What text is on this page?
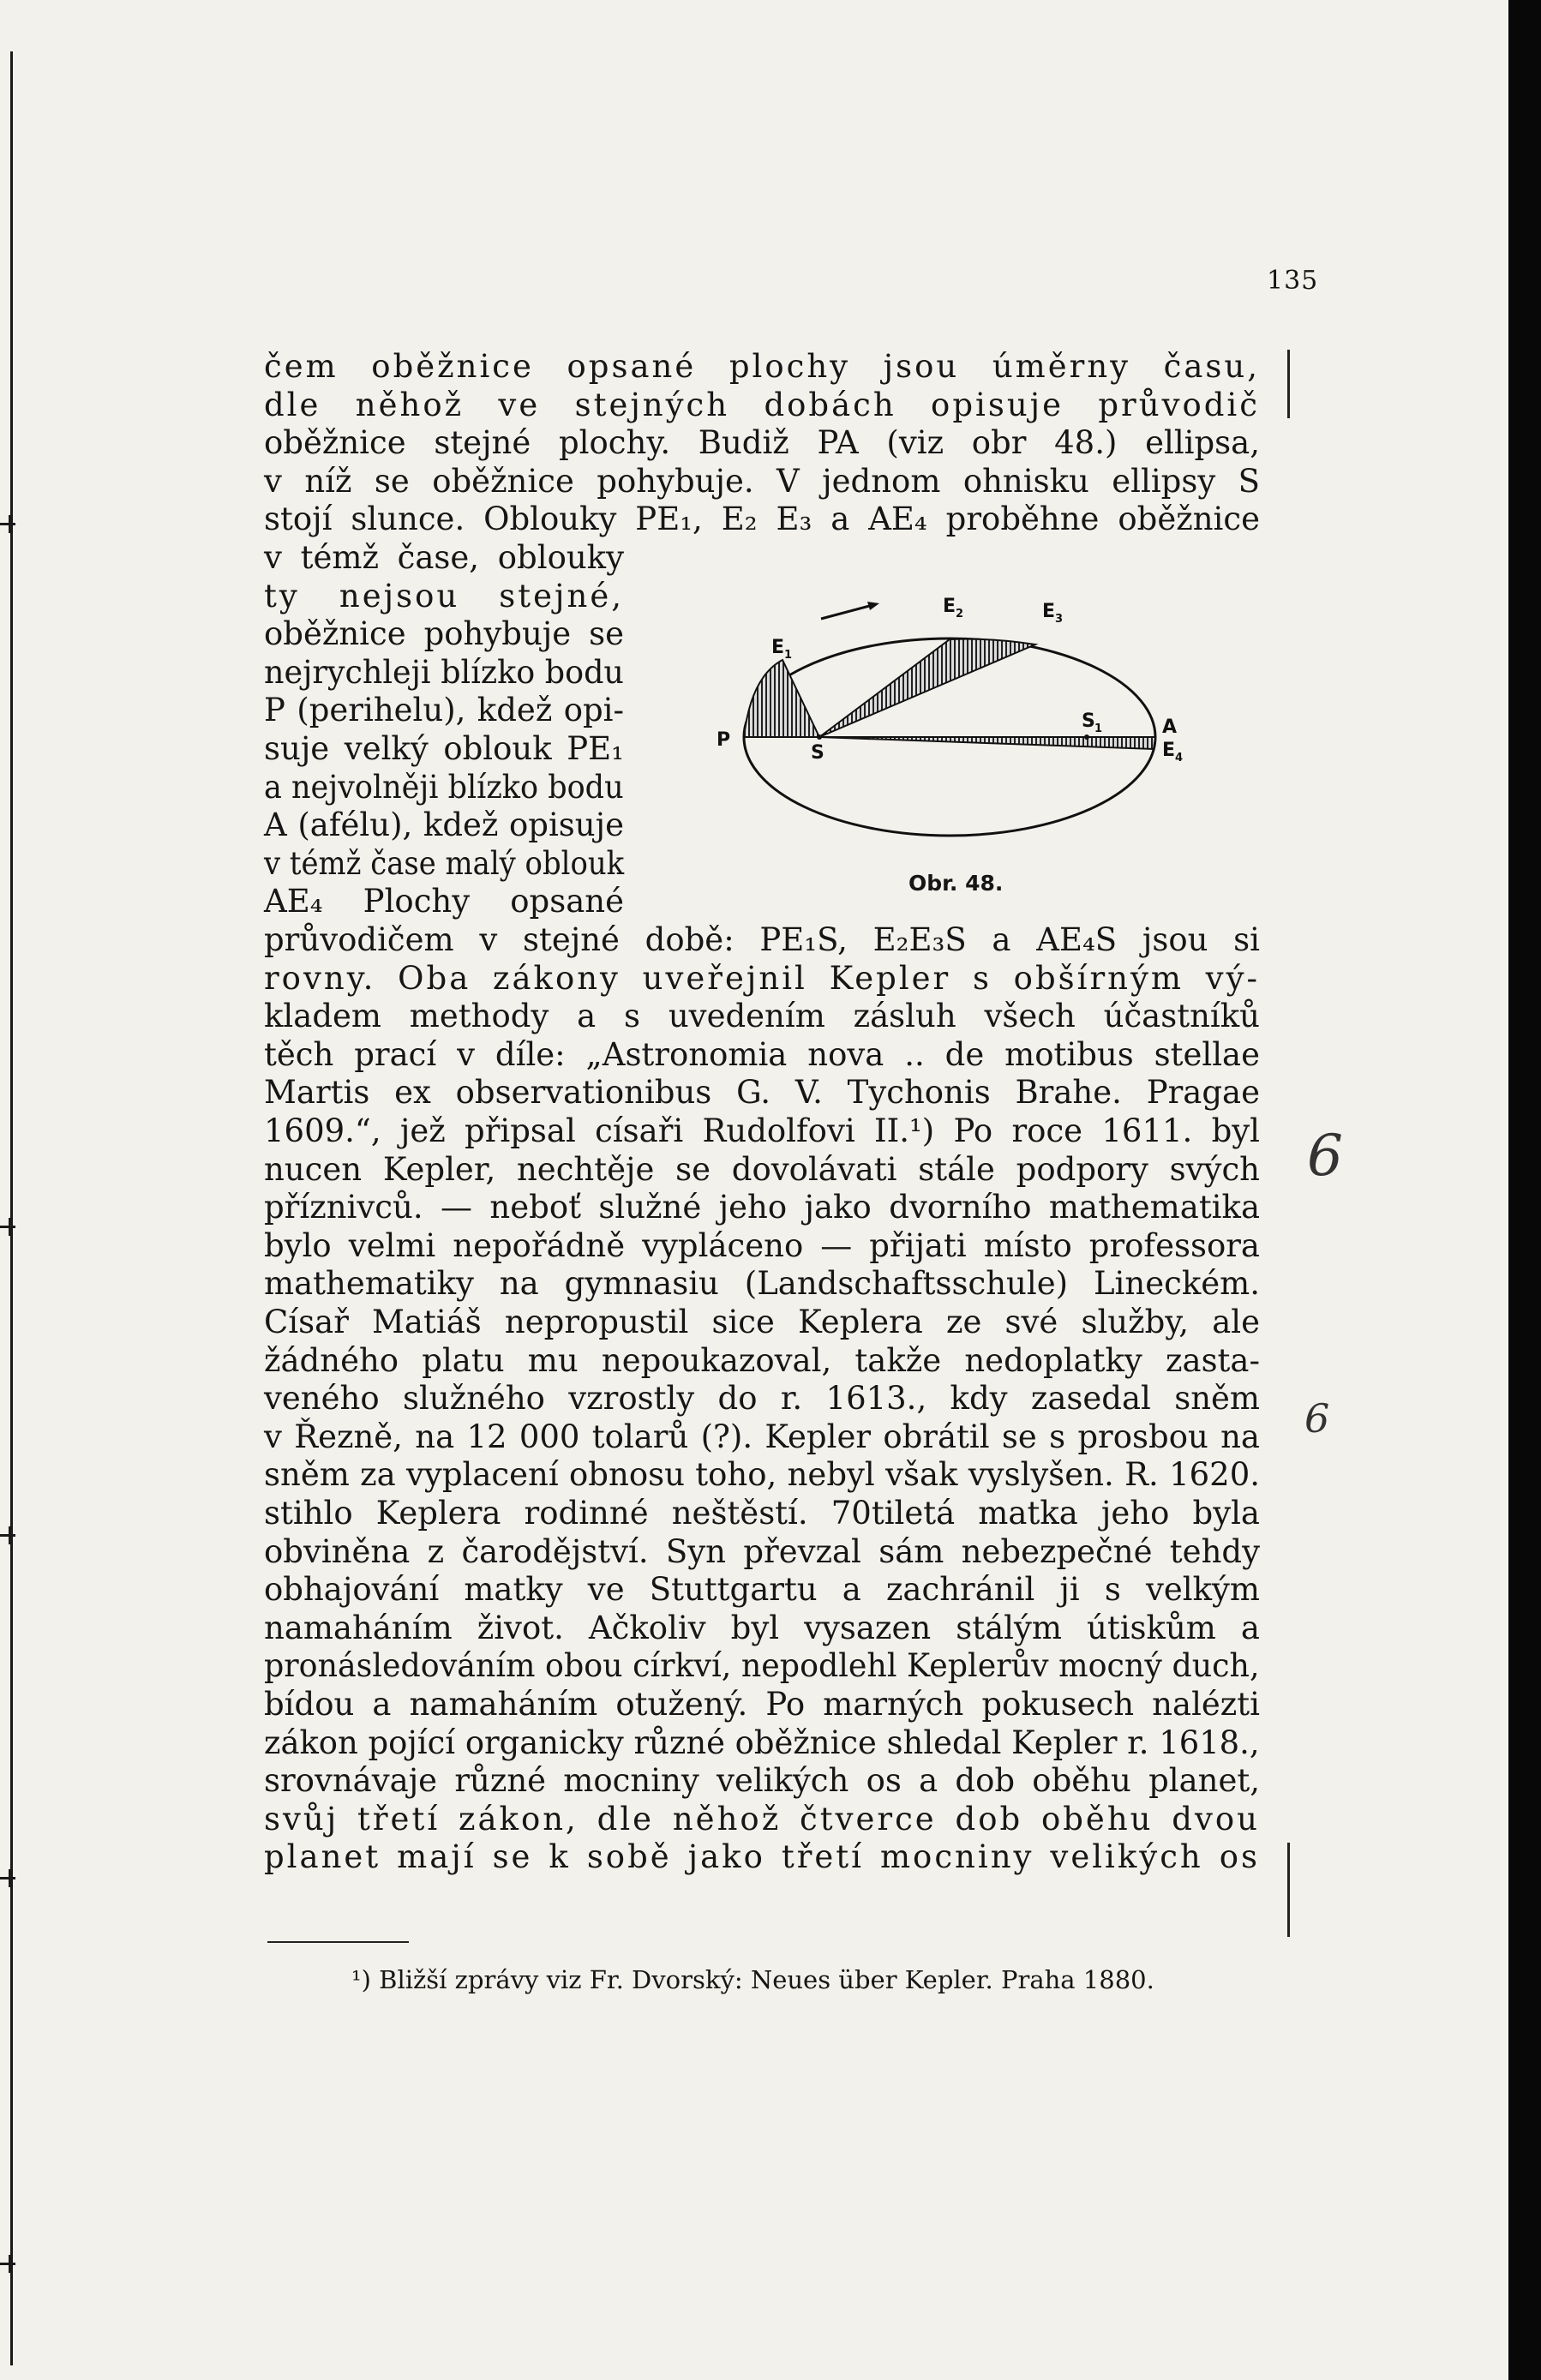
135
čem oběžnice opsané plochy jsou úměrny času,
dle něhož ve stejných dobách opisuje průvodič
oběžnice stejné plochy. Budiž PA (viz obr 48.) ellipsa,
v níž se oběžnice pohybuje. V jednom ohnisku ellipsy S
stojí slunce. Oblouky PE₁, E₂ E₃ a AE₄ proběhne oběžnice
v témž čase, oblouky
ty nejsou stejné,
oběžnice pohybuje se
nejrychleji blízko bodu
P (perihelu), kdež opi-
suje velký oblouk PE₁
a nejvolněji blízko bodu
A (afélu), kdež opisuje
v témž čase malý oblouk
AE₄ Plochy opsané
průvodičem v stejné době: PE₁S, E₂E₃S a AE₄S jsou si
rovny. Oba zákony uveřejnil Kepler s obšírným vý-
kladem methody a s uvedením zásluh všech účastníků
těch prací v díle: „Astronomia nova .. de motibus stellae
Martis ex observationibus G. V. Tychonis Brahe. Pragae
1609.“, jež připsal císaři Rudolfovi II.¹) Po roce 1611. byl
nucen Kepler, nechtěje se dovolávati stále podpory svých
příznivců. — neboť služné jeho jako dvorního mathematika
bylo velmi nepořádně vypláceno — přijati místo professora
mathematiky na gymnasiu (Landschaftsschule) Lineckém.
Císař Matiáš nepropustil sice Keplera ze své služby, ale
žádného platu mu nepoukazoval, takže nedoplatky zasta-
veného služného vzrostly do r. 1613., kdy zasedal sněm
v Řezně, na 12 000 tolarů (?). Kepler obrátil se s prosbou na
sněm za vyplacení obnosu toho, nebyl však vyslyšen. R. 1620.
stihlo Keplera rodinné neštěstí. 70tiletá matka jeho byla
obviněna z čarodějství. Syn převzal sám nebezpečné tehdy
obhajování matky ve Stuttgartu a zachránil ji s velkým
namaháním život. Ačkoliv byl vysazen stálým útiskům a
pronásledováním obou církví, nepodlehl Keplerův mocný duch,
bídou a namaháním otužený. Po marných pokusech nalézti
zákon pojící organicky různé oběžnice shledal Kepler r. 1618.,
srovnávaje různé mocniny velikých os a dob oběhu planet,
svůj třetí zákon, dle něhož čtverce dob oběhu dvou
planet mají se k sobě jako třetí mocniny velikých os
P
S
A
E 1
E 2	E 3
E 4
S 1
Obr. 48.
¹) Bližší zprávy viz Fr. Dvorský: Neues über Kepler. Praha 1880.
6
6
